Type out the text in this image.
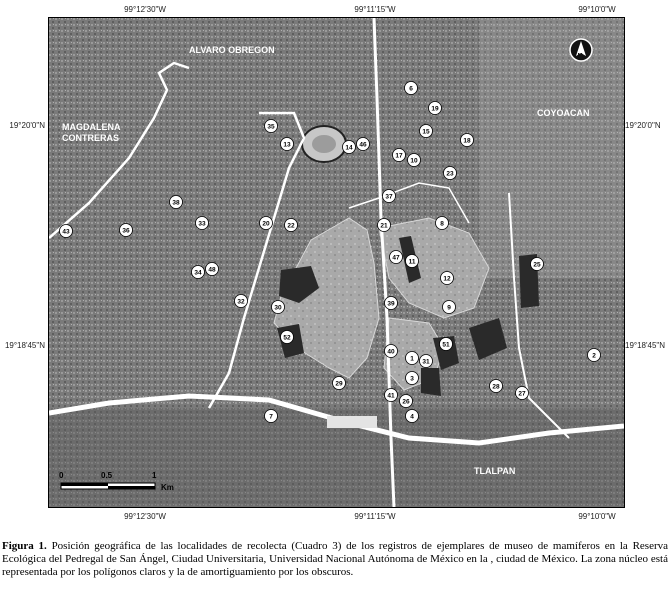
99°12'30"W	99°11'15"W	99°10'0"W
99°12'30"W	99°11'15"W	99°10'0"W
19°20'0"N
19°18'45"N
19°20'0"N
19°18'45"N
ALVARO OBREGON
MAGDALENA
CONTRERAS
COYOACAN
TLALPAN
N
0	0.5	1
Km
1	2
3
4
6
7
8
9
10
11
12
13	14
15
17
18
19
20	21
22
23
25
26
27
28
29
30
31
32
33
34
35
36
37
38
39
40
41
43
46
47
48
51
52
Figura 1. Posición geográfica de las localidades de recolecta (Cuadro 3) de los registros de ejemplares de museo de mamíferos en la Reserva Ecológica del Pedregal de San Ángel, Ciudad Universitaria, Universidad Nacional Autónoma de México en la , ciudad de México. La zona núcleo está representada por los polígonos claros y la de amortiguamiento por los obscuros.
